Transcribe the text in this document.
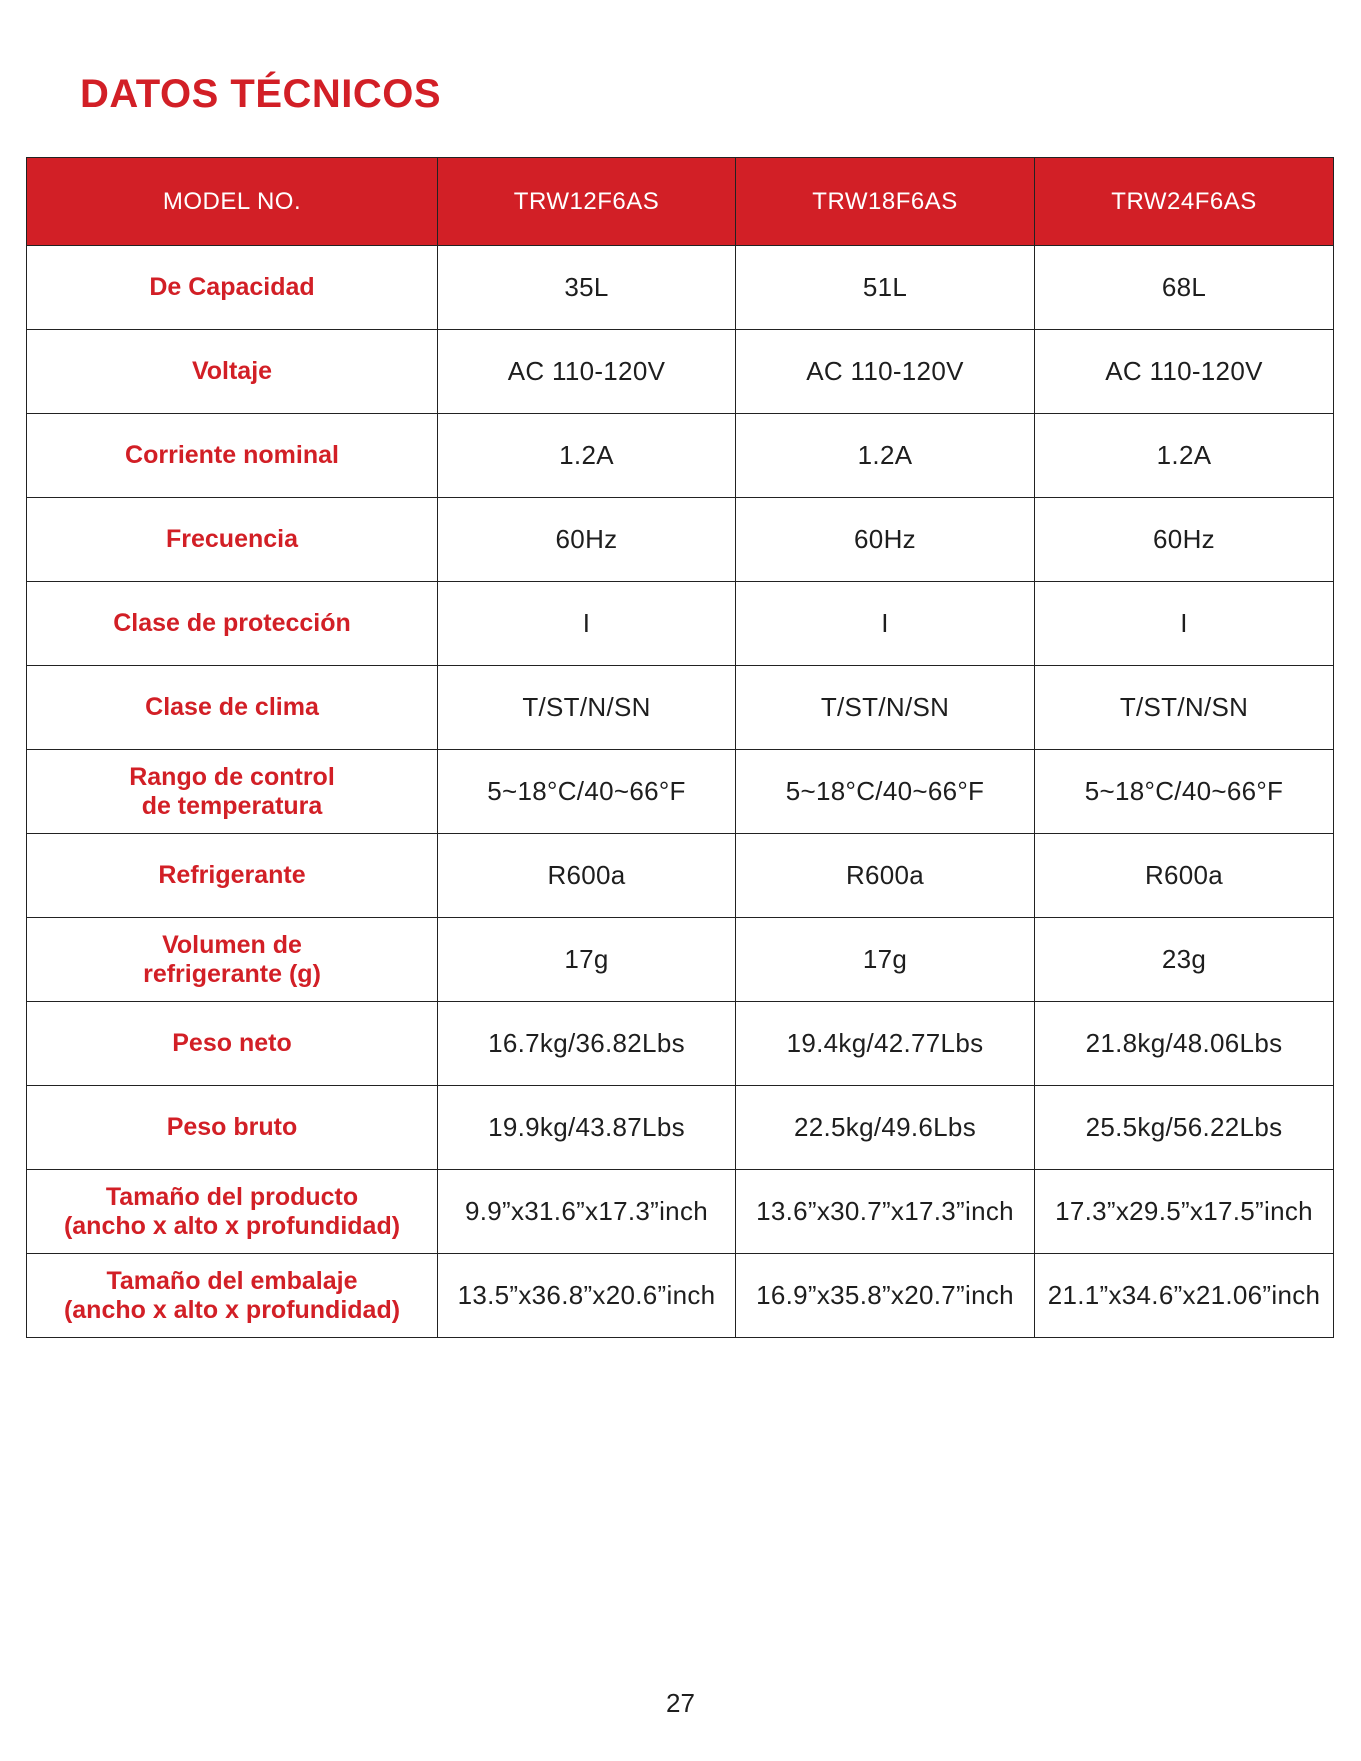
DATOS TÉCNICOS
MODEL NO.	TRW12F6AS	TRW18F6AS	TRW24F6AS
De Capacidad	35L	51L	68L
Voltaje	AC 110-120V	AC 110-120V	AC 110-120V
Corriente nominal	1.2A	1.2A	1.2A
Frecuencia	60Hz	60Hz	60Hz
Clase de protección	I	I	I
Clase de clima	T/ST/N/SN	T/ST/N/SN	T/ST/N/SN
Rango de control
de temperatura	5~18°C/40~66°F	5~18°C/40~66°F	5~18°C/40~66°F
Refrigerante	R600a	R600a	R600a
Volumen de
refrigerante (g)	17g	17g	23g
Peso neto	16.7kg/36.82Lbs	19.4kg/42.77Lbs	21.8kg/48.06Lbs
Peso bruto	19.9kg/43.87Lbs	22.5kg/49.6Lbs	25.5kg/56.22Lbs
Tamaño del producto
(ancho x alto x profundidad)	9.9”x31.6”x17.3”inch	13.6”x30.7”x17.3”inch	17.3”x29.5”x17.5”inch
Tamaño del embalaje
(ancho x alto x profundidad)	13.5”x36.8”x20.6”inch	16.9”x35.8”x20.7”inch	21.1”x34.6”x21.06”inch
27
